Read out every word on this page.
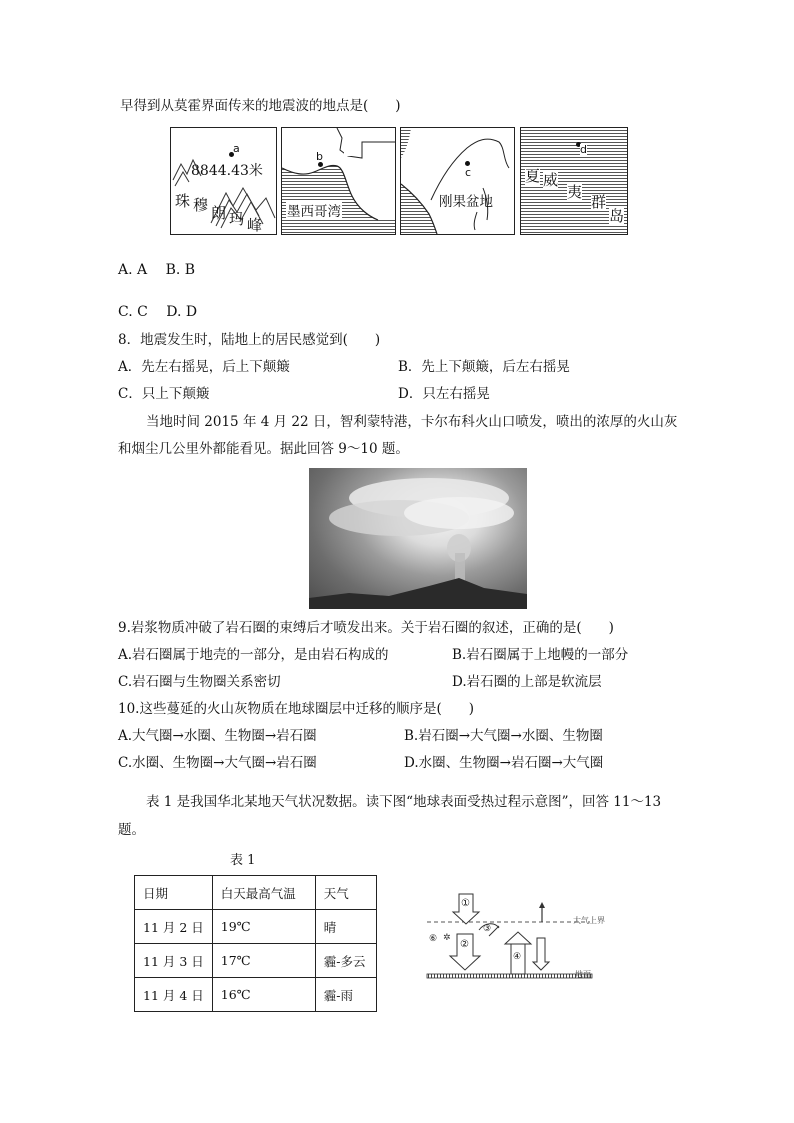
早得到从莫霍界面传来的地震波的地点是(　　)
a
8844.43米
珠 穆 朗 玛 峰
b
墨西哥湾
c
刚果盆地
d
夏 威
夷
群
岛
A. A　 B. B
C. C　 D. D
8．地震发生时，陆地上的居民感觉到(　　)
A．先左右摇晃，后上下颠簸	B．先上下颠簸，后左右摇晃
C．只上下颠簸	D．只左右摇晃
当地时间 2015 年 4 月 22 日，智利蒙特港，卡尔布科火山口喷发，喷出的浓厚的火山灰
和烟尘几公里外都能看见。据此回答 9～10 题。
9.岩浆物质冲破了岩石圈的束缚后才喷发出来。关于岩石圈的叙述，正确的是(　　)
A.岩石圈属于地壳的一部分，是由岩石构成的	B.岩石圈属于上地幔的一部分
C.岩石圈与生物圈关系密切	D.岩石圈的上部是软流层
10.这些蔓延的火山灰物质在地球圈层中迁移的顺序是(　　)
A.大气圈→水圈、生物圈→岩石圈	B.岩石圈→大气圈→水圈、生物圈
C.水圈、生物圈→大气圈→岩石圈	D.水圈、生物圈→岩石圈→大气圈
表 1 是我国华北某地天气状况数据。读下图“地球表面受热过程示意图”，回答 11～13
题。
表 1
日期	白天最高气温	天气
11 月 2 日	19℃	晴
11 月 3 日	17℃	霾-多云
11 月 4 日	16℃	霾-雨
✲
①
②
③
④
⑥
大气上界
地面
